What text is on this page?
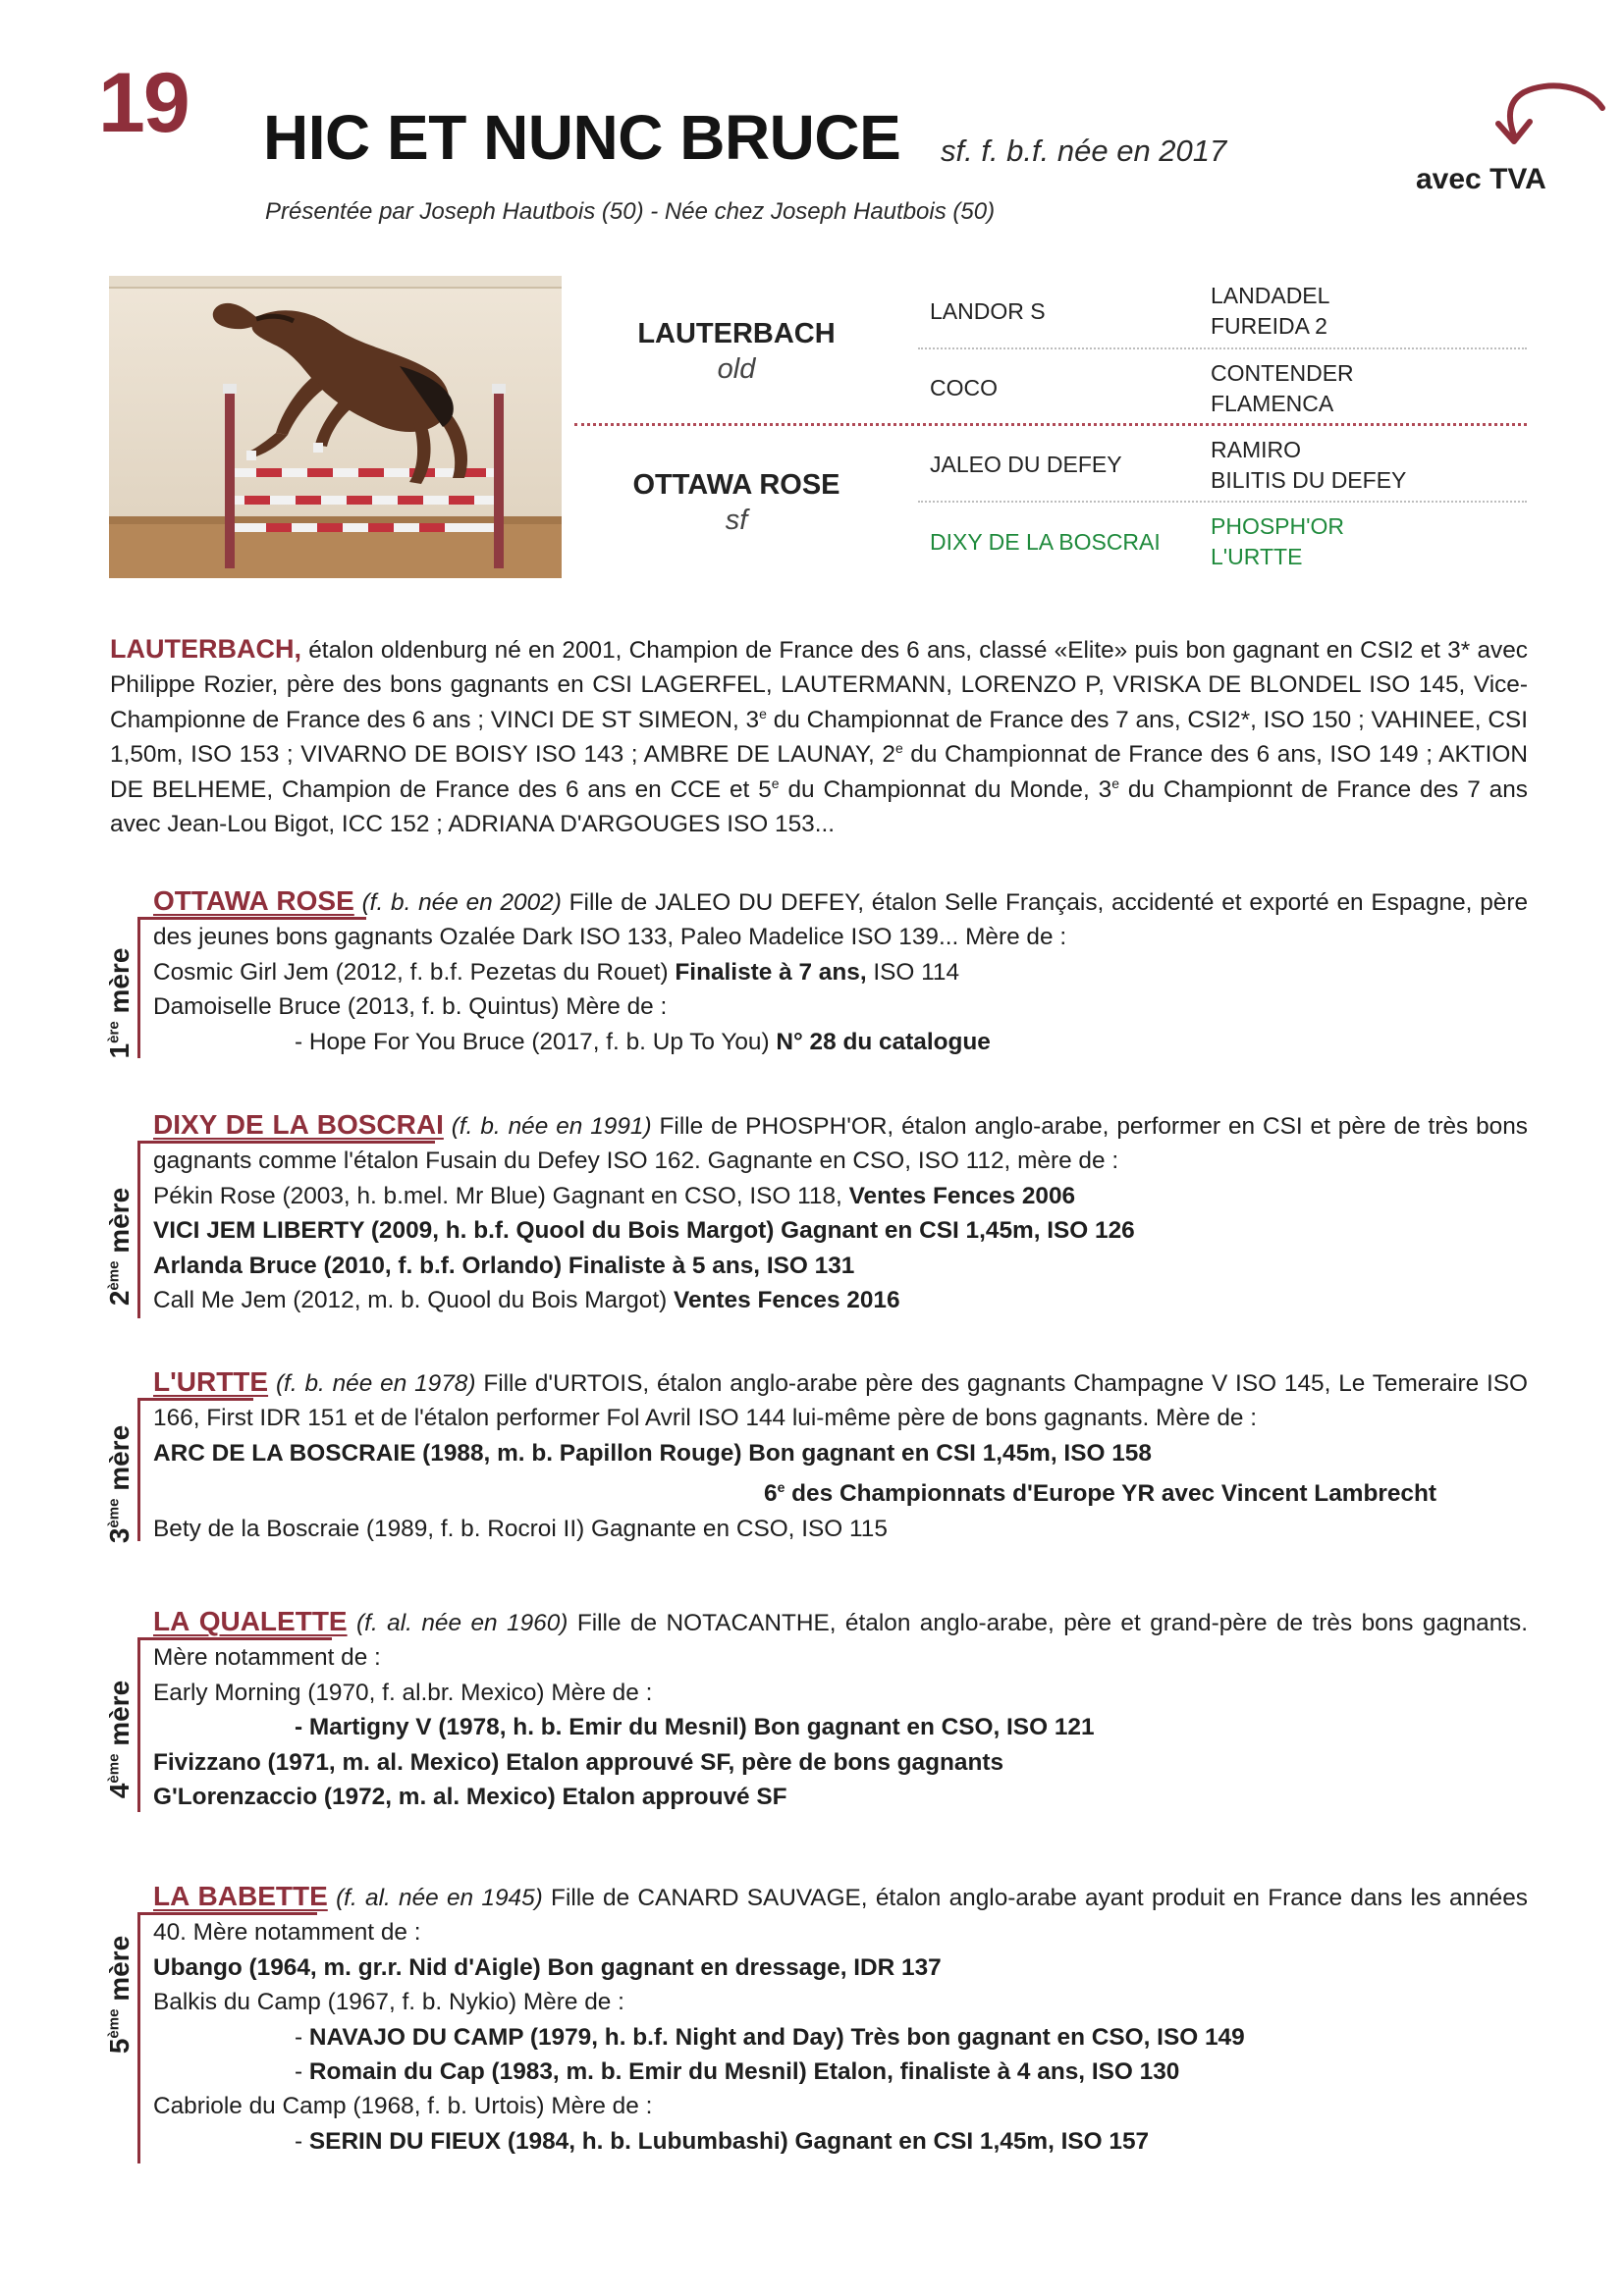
19 HIC ET NUNC BRUCE sf. f. b.f. née en 2017
Présentée par Joseph Hautbois (50) - Née chez Joseph Hautbois (50)
avec TVA
LAUTERBACH
old
OTTAWA ROSE
sf
LANDOR S
COCO
JALEO DU DEFEY
DIXY DE LA BOSCRAI
LANDADEL
FUREIDA 2
CONTENDER
FLAMENCA
RAMIRO
BILITIS DU DEFEY
PHOSPH'OR
L'URTTE
LAUTERBACH, étalon oldenburg né en 2001, Champion de France des 6 ans, classé «Elite» puis bon gagnant en CSI2 et 3* avec Philippe Rozier, père des bons gagnants en CSI LAGERFEL, LAUTERMANN, LORENZO P, VRISKA DE BLONDEL ISO 145, Vice-Championne de France des 6 ans ; VINCI DE ST SIMEON, 3e du Championnat de France des 7 ans, CSI2*, ISO 150 ; VAHINEE, CSI 1,50m, ISO 153 ; VIVARNO DE BOISY ISO 143 ; AMBRE DE LAUNAY, 2e du Championnat de France des 6 ans, ISO 149 ; AKTION DE BELHEME, Champion de France des 6 ans en CCE et 5e du Championnat du Monde, 3e du Championnt de France des 7 ans avec Jean-Lou Bigot, ICC 152 ; ADRIANA D'ARGOUGES ISO 153...
1ère mère
OTTAWA ROSE (f. b. née en 2002) Fille de JALEO DU DEFEY, étalon Selle Français, accidenté et exporté en Espagne, père des jeunes bons gagnants Ozalée Dark ISO 133, Paleo Madelice ISO 139... Mère de :
Cosmic Girl Jem (2012, f. b.f. Pezetas du Rouet) Finaliste à 7 ans, ISO 114
Damoiselle Bruce (2013, f. b. Quintus) Mère de :
- Hope For You Bruce (2017, f. b. Up To You) N° 28 du catalogue
2ème mère
DIXY DE LA BOSCRAI (f. b. née en 1991) Fille de PHOSPH'OR, étalon anglo-arabe, performer en CSI et père de très bons gagnants comme l'étalon Fusain du Defey ISO 162. Gagnante en CSO, ISO 112, mère de :
Pékin Rose (2003, h. b.mel. Mr Blue) Gagnant en CSO, ISO 118, Ventes Fences 2006
VICI JEM LIBERTY (2009, h. b.f. Quool du Bois Margot) Gagnant en CSI 1,45m, ISO 126
Arlanda Bruce (2010, f. b.f. Orlando) Finaliste à 5 ans, ISO 131
Call Me Jem (2012, m. b. Quool du Bois Margot) Ventes Fences 2016
3ème mère
L'URTTE (f. b. née en 1978) Fille d'URTOIS, étalon anglo-arabe père des gagnants Champagne V ISO 145, Le Temeraire ISO 166, First IDR 151 et de l'étalon performer Fol Avril ISO 144 lui-même père de bons gagnants. Mère de :
ARC DE LA BOSCRAIE (1988, m. b. Papillon Rouge) Bon gagnant en CSI 1,45m, ISO 158
6e des Championnats d'Europe YR avec Vincent Lambrecht
Bety de la Boscraie (1989, f. b. Rocroi II) Gagnante en CSO, ISO 115
4ème mère
LA QUALETTE (f. al. née en 1960) Fille de NOTACANTHE, étalon anglo-arabe, père et grand-père de très bons gagnants. Mère notamment de :
Early Morning (1970, f. al.br. Mexico) Mère de :
- Martigny V (1978, h. b. Emir du Mesnil) Bon gagnant en CSO, ISO 121
Fivizzano (1971, m. al. Mexico) Etalon approuvé SF, père de bons gagnants
G'Lorenzaccio (1972, m. al. Mexico) Etalon approuvé SF
5ème mère
LA BABETTE (f. al. née en 1945) Fille de CANARD SAUVAGE, étalon anglo-arabe ayant produit en France dans les années 40. Mère notamment de :
Ubango (1964, m. gr.r. Nid d'Aigle) Bon gagnant en dressage, IDR 137
Balkis du Camp (1967, f. b. Nykio) Mère de :
- NAVAJO DU CAMP (1979, h. b.f. Night and Day) Très bon gagnant en CSO, ISO 149
- Romain du Cap (1983, m. b. Emir du Mesnil) Etalon, finaliste à 4 ans, ISO 130
Cabriole du Camp (1968, f. b. Urtois) Mère de :
- SERIN DU FIEUX (1984, h. b. Lubumbashi) Gagnant en CSI 1,45m, ISO 157
